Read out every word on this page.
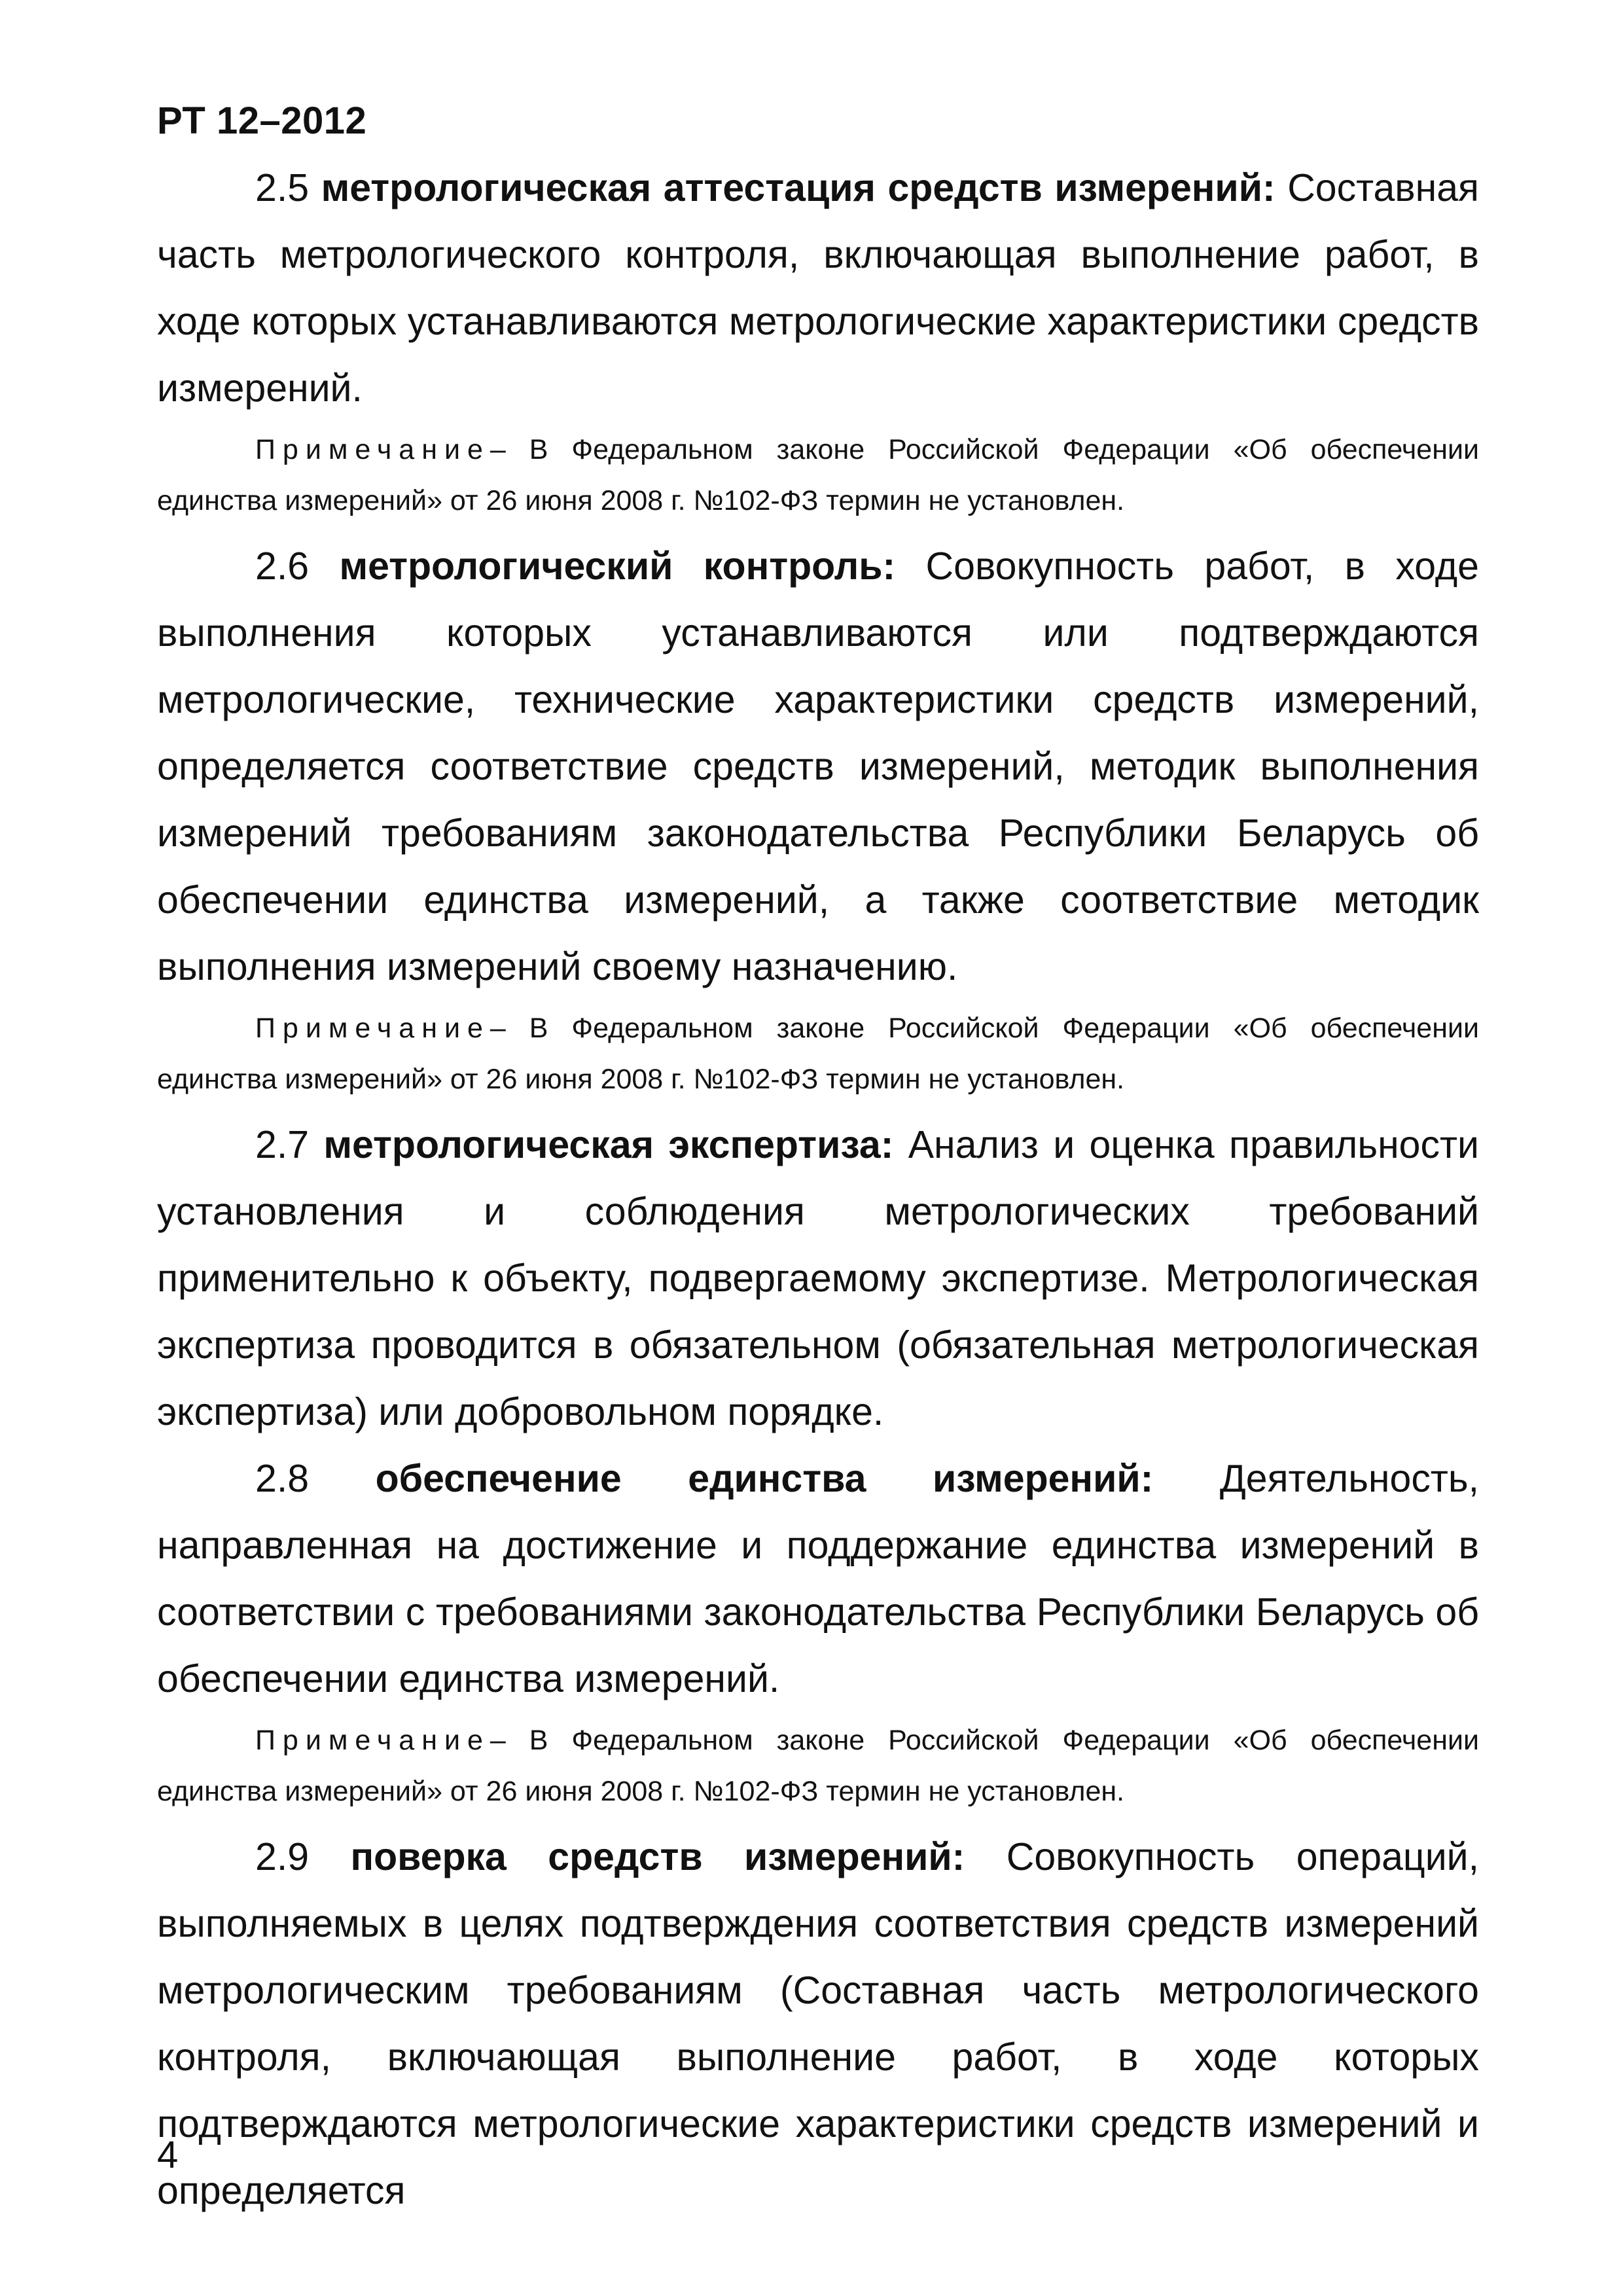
РТ 12–2012

2.5 метрологическая аттестация средств измерений: Составная часть метрологического контроля, включающая выполнение работ, в ходе которых устанавливаются метрологические характеристики средств измерений.

Примечание– В Федеральном законе Российской Федерации «Об обеспечении единства измерений» от 26 июня 2008 г. №102-ФЗ термин не установлен.

2.6 метрологический контроль: Совокупность работ, в ходе выполнения которых устанавливаются или подтверждаются метрологические, технические характеристики средств измерений, определяется соответствие средств измерений, методик выполнения измерений требованиям законодательства Республики Беларусь об обеспечении единства измерений, а также соответствие методик выполнения измерений своему назначению.

Примечание– В Федеральном законе Российской Федерации «Об обеспечении единства измерений» от 26 июня 2008 г. №102-ФЗ термин не установлен.

2.7 метрологическая экспертиза: Анализ и оценка правильности установления и соблюдения метрологических требований применительно к объекту, подвергаемому экспертизе. Метрологическая экспертиза проводится в обязательном (обязательная метрологическая экспертиза) или добровольном порядке.

2.8 обеспечение единства измерений: Деятельность, направленная на достижение и поддержание единства измерений в соответствии с требованиями законодательства Республики Беларусь об обеспечении единства измерений.

Примечание– В Федеральном законе Российской Федерации «Об обеспечении единства измерений» от 26 июня 2008 г. №102-ФЗ термин не установлен.

2.9 поверка средств измерений: Совокупность операций, выполняемых в целях подтверждения соответствия средств измерений метрологическим требованиям (Составная часть метрологического контроля, включающая выполнение работ, в ходе которых подтверждаются метрологические характеристики средств измерений и определяется

4
